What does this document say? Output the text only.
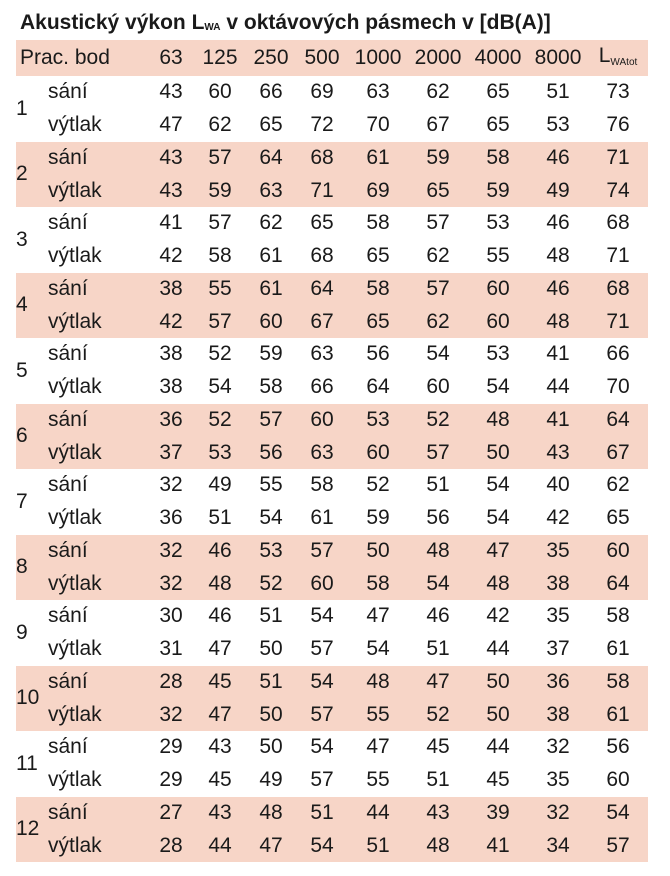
Akustický výkon $L_{WA}$ v oktávových pásmech v [dB(A)]
Prac. bod		63	125	250	500	1000	2000	4000	8000	$L_{WAtot}$
1	sání	43	60	66	69	63	62	65	51	73
	výtlak	47	62	65	72	70	67	65	53	76
2	sání	43	57	64	68	61	59	58	46	71
	výtlak	43	59	63	71	69	65	59	49	74
3	sání	41	57	62	65	58	57	53	46	68
	výtlak	42	58	61	68	65	62	55	48	71
4	sání	38	55	61	64	58	57	60	46	68
	výtlak	42	57	60	67	65	62	60	48	71
5	sání	38	52	59	63	56	54	53	41	66
	výtlak	38	54	58	66	64	60	54	44	70
6	sání	36	52	57	60	53	52	48	41	64
	výtlak	37	53	56	63	60	57	50	43	67
7	sání	32	49	55	58	52	51	54	40	62
	výtlak	36	51	54	61	59	56	54	42	65
8	sání	32	46	53	57	50	48	47	35	60
	výtlak	32	48	52	60	58	54	48	38	64
9	sání	30	46	51	54	47	46	42	35	58
	výtlak	31	47	50	57	54	51	44	37	61
10	sání	28	45	51	54	48	47	50	36	58
	výtlak	32	47	50	57	55	52	50	38	61
11	sání	29	43	50	54	47	45	44	32	56
	výtlak	29	45	49	57	55	51	45	35	60
12	sání	27	43	48	51	44	43	39	32	54
	výtlak	28	44	47	54	51	48	41	34	57
